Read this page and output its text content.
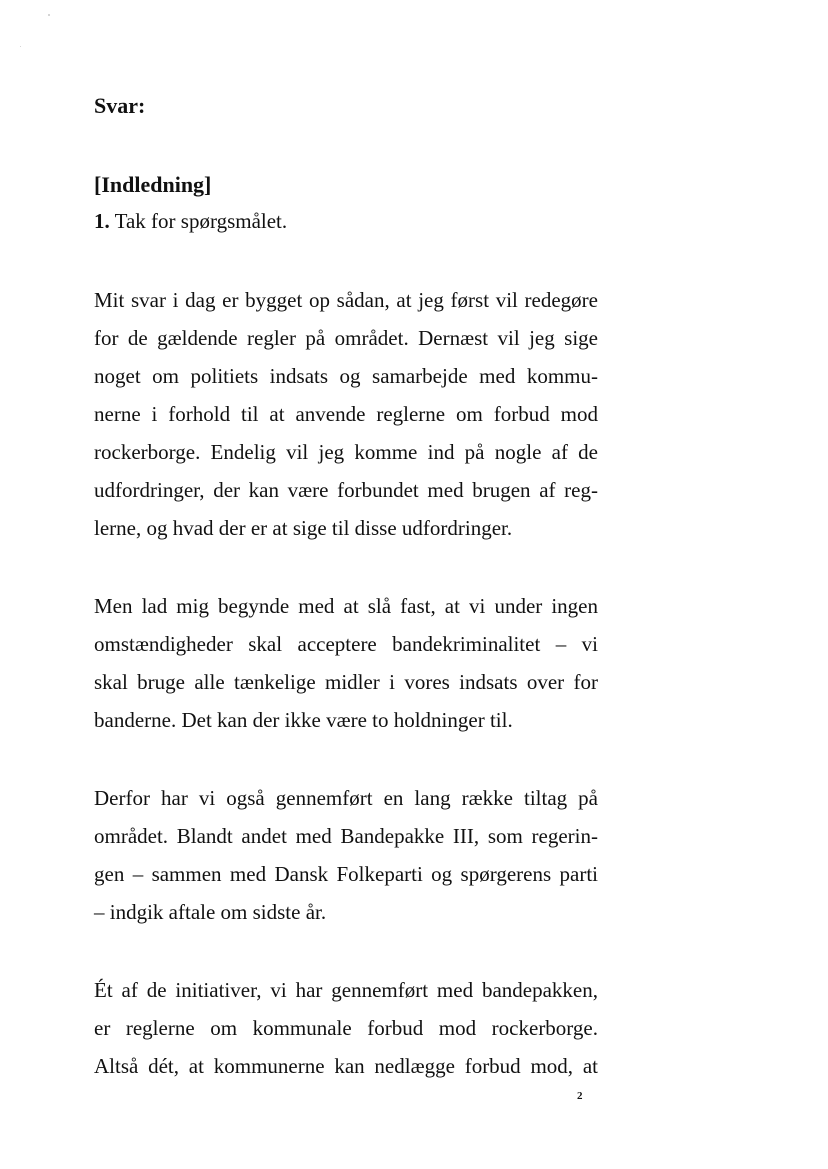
Svar:
[Indledning]
1. Tak for spørgsmålet.
Mit svar i dag er bygget op sådan, at jeg først vil redegøre
for de gældende regler på området. Dernæst vil jeg sige
noget om politiets indsats og samarbejde med kommu-
nerne i forhold til at anvende reglerne om forbud mod
rockerborge. Endelig vil jeg komme ind på nogle af de
udfordringer, der kan være forbundet med brugen af reg-
lerne, og hvad der er at sige til disse udfordringer.
Men lad mig begynde med at slå fast, at vi under ingen
omstændigheder skal acceptere bandekriminalitet – vi
skal bruge alle tænkelige midler i vores indsats over for
banderne. Det kan der ikke være to holdninger til.
Derfor har vi også gennemført en lang række tiltag på
området. Blandt andet med Bandepakke III, som regerin-
gen – sammen med Dansk Folkeparti og spørgerens parti
– indgik aftale om sidste år.
Ét af de initiativer, vi har gennemført med bandepakken,
er reglerne om kommunale forbud mod rockerborge.
Altså dét, at kommunerne kan nedlægge forbud mod, at
2
